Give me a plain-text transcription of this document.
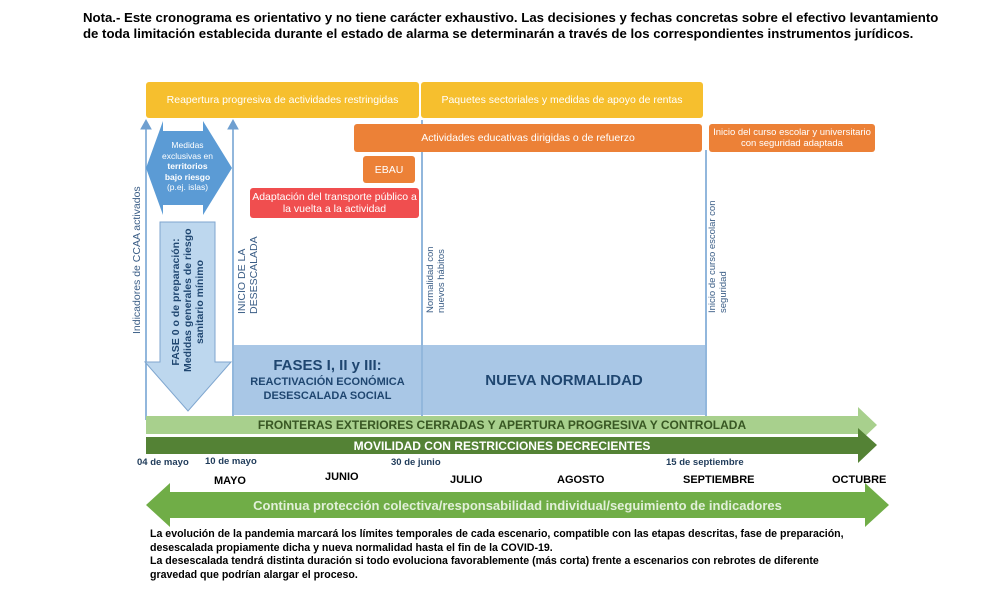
Nota.- Este cronograma es orientativo y no tiene carácter exhaustivo. Las decisiones y fechas concretas sobre el efectivo levantamiento de toda limitación establecida durante el estado de alarma se determinarán a través de los correspondientes instrumentos jurídicos.
Reapertura progresiva de actividades restringidas	Paquetes sectoriales y medidas de apoyo de rentas
Actividades educativas dirigidas o de refuerzo	Inicio del curso escolar y universitario con seguridad adaptada
EBAU
Adaptación del transporte público a la vuelta a la actividad
Medidas
exclusivas en
territorios
bajo riesgo
(p.ej. islas)
FASE 0 o de preparación: Medidas generales de riesgo sanitario mínimo
Indicadores de CCAA activados	INICIO DE LA DESESCALADA	Normalidad con nuevos hábitos	Inicio de curso escolar con seguridad
FASES I, II y III:
REACTIVACIÓN ECONÓMICA
DESESCALADA SOCIAL
NUEVA NORMALIDAD
FRONTERAS EXTERIORES CERRADAS Y APERTURA PROGRESIVA Y CONTROLADA
MOVILIDAD CON RESTRICCIONES DECRECIENTES
Continua protección colectiva/responsabilidad individual/seguimiento de indicadores
04 de mayo 10 de mayo	30 de junio	15 de septiembre
MAYO	JUNIO	JULIO	AGOSTO	SEPTIEMBRE	OCTUBRE

La evolución de la pandemia marcará los límites temporales de cada escenario, compatible con las etapas descritas, fase de preparación, desescalada propiamente dicha y nueva normalidad hasta el fin de la COVID-19.

La desescalada tendrá distinta duración si todo evoluciona favorablemente (más corta) frente a escenarios con rebrotes de diferente gravedad que podrían alargar el proceso.
